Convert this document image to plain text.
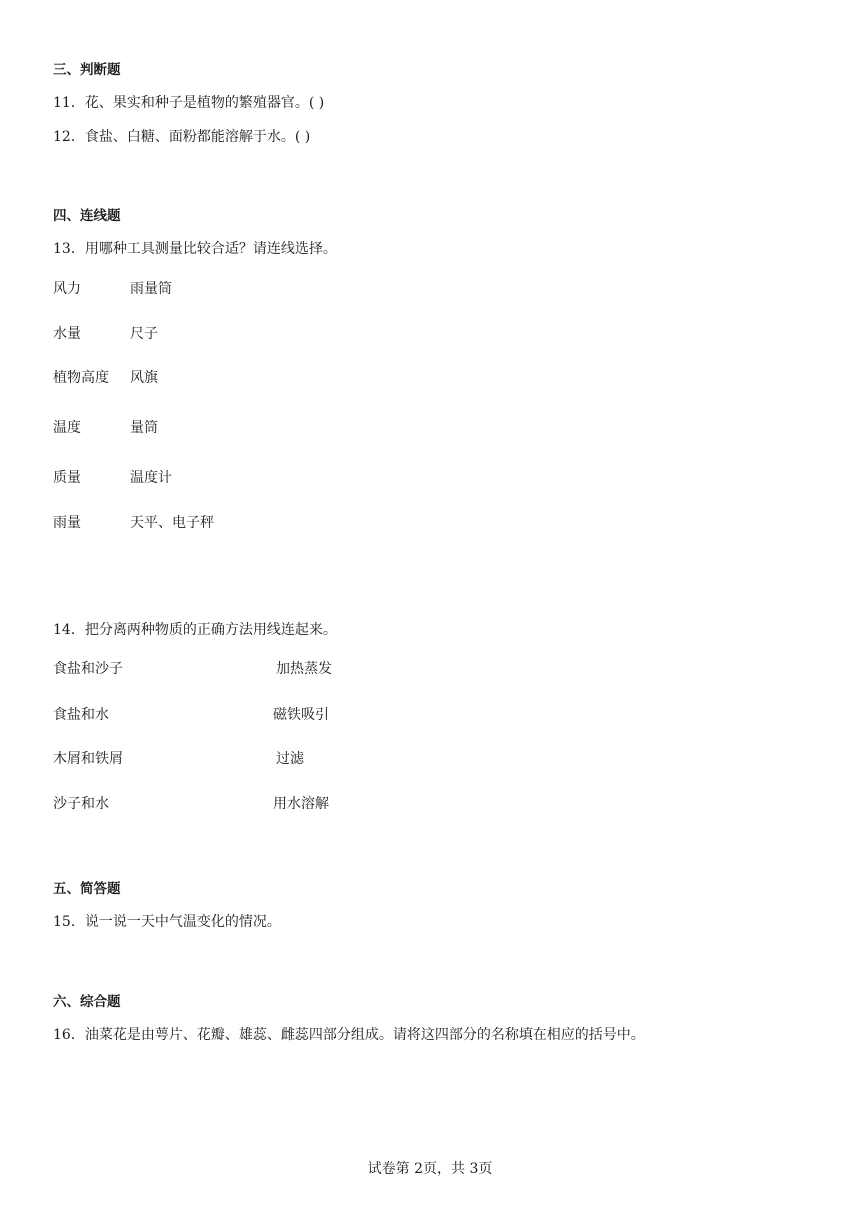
三、判断题
11．花、果实和种子是植物的繁殖器官。( )
12．食盐、白糖、面粉都能溶解于水。( )
四、连线题
13．用哪种工具测量比较合适？请连线选择。
风力	雨量筒
水量	尺子
植物高度 风旗
温度	量筒
质量	温度计
雨量	天平、电子秤
14．把分离两种物质的正确方法用线连起来。
食盐和沙子	加热蒸发
食盐和水	磁铁吸引
木屑和铁屑	过滤
沙子和水	用水溶解
五、简答题
15．说一说一天中气温变化的情况。
六、综合题
16．油菜花是由萼片、花瓣、雄蕊、雌蕊四部分组成。请将这四部分的名称填在相应的括号中。
试卷第 2页，共 3页
